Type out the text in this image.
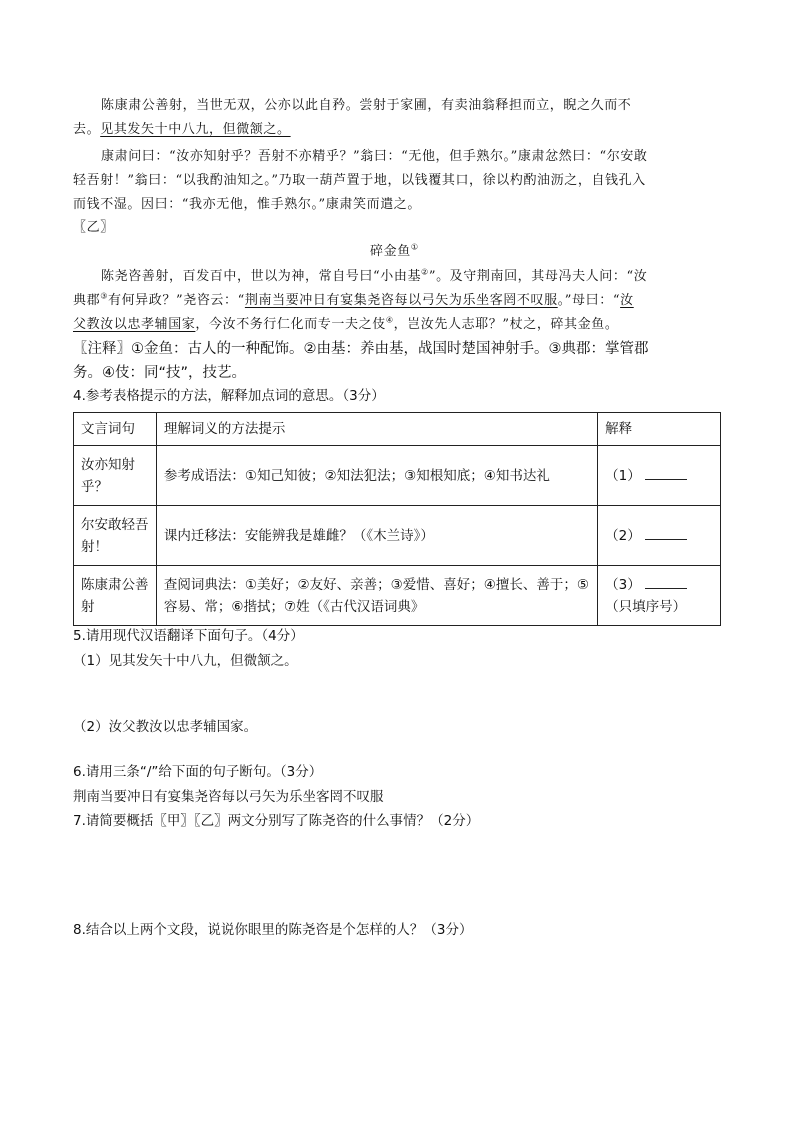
陈康肃公善射，当世无双，公亦以此自矜。尝射于家圃，有卖油翁释担而立，睨之久而不
去。见其发矢十中八九，但微颔之。
康肃问曰：“汝亦知射乎？吾射不亦精乎？”翁曰：“无他，但手熟尔。”康肃忿然曰：“尔安敢
轻吾射！”翁曰：“以我酌油知之。”乃取一葫芦置于地，以钱覆其口，徐以杓酌油沥之，自钱孔入
而钱不湿。因曰：“我亦无他，惟手熟尔。”康肃笑而遣之。
〖乙〗
碎金鱼①
陈尧咨善射，百发百中，世以为神，常自号曰“小由基②”。及守荆南回，其母冯夫人问：“汝
典郡③有何异政？”尧咨云：“荆南当要冲日有宴集尧咨每以弓矢为乐坐客罔不叹服。”母曰：“汝
父教汝以忠孝辅国家，今汝不务行仁化而专一夫之伎④，岂汝先人志耶？”杖之，碎其金鱼。
〖注释〗①金鱼：古人的一种配饰。②由基：养由基，战国时楚国神射手。③典郡：掌管郡
务。④伎：同“技”，技艺。
4.参考表格提示的方法，解释加点词的意思。（3分）
文言词句	理解词义的方法提示	解释
汝亦知射乎？	参考成语法：①知己知彼；②知法犯法；③知根知底；④知书达礼	（1）
尔安敢轻吾射！	课内迁移法：安能辨我是雄雌？（《木兰诗》）	（2）
陈康肃公善射	查阅词典法：①美好；②友好、亲善；③爱惜、喜好；④擅长、善于；⑤容易、常；⑥揩拭；⑦姓（《古代汉语词典》	（3）
（只填序号）
5.请用现代汉语翻译下面句子。（4分）
（1）见其发矢十中八九，但微颔之。
（2）汝父教汝以忠孝辅国家。
6.请用三条“/”给下面的句子断句。（3分）
荆南当要冲日有宴集尧咨每以弓矢为乐坐客罔不叹服
7.请简要概括〖甲〗〖乙〗两文分别写了陈尧咨的什么事情？（2分）
8.结合以上两个文段，说说你眼里的陈尧咨是个怎样的人？（3分）
